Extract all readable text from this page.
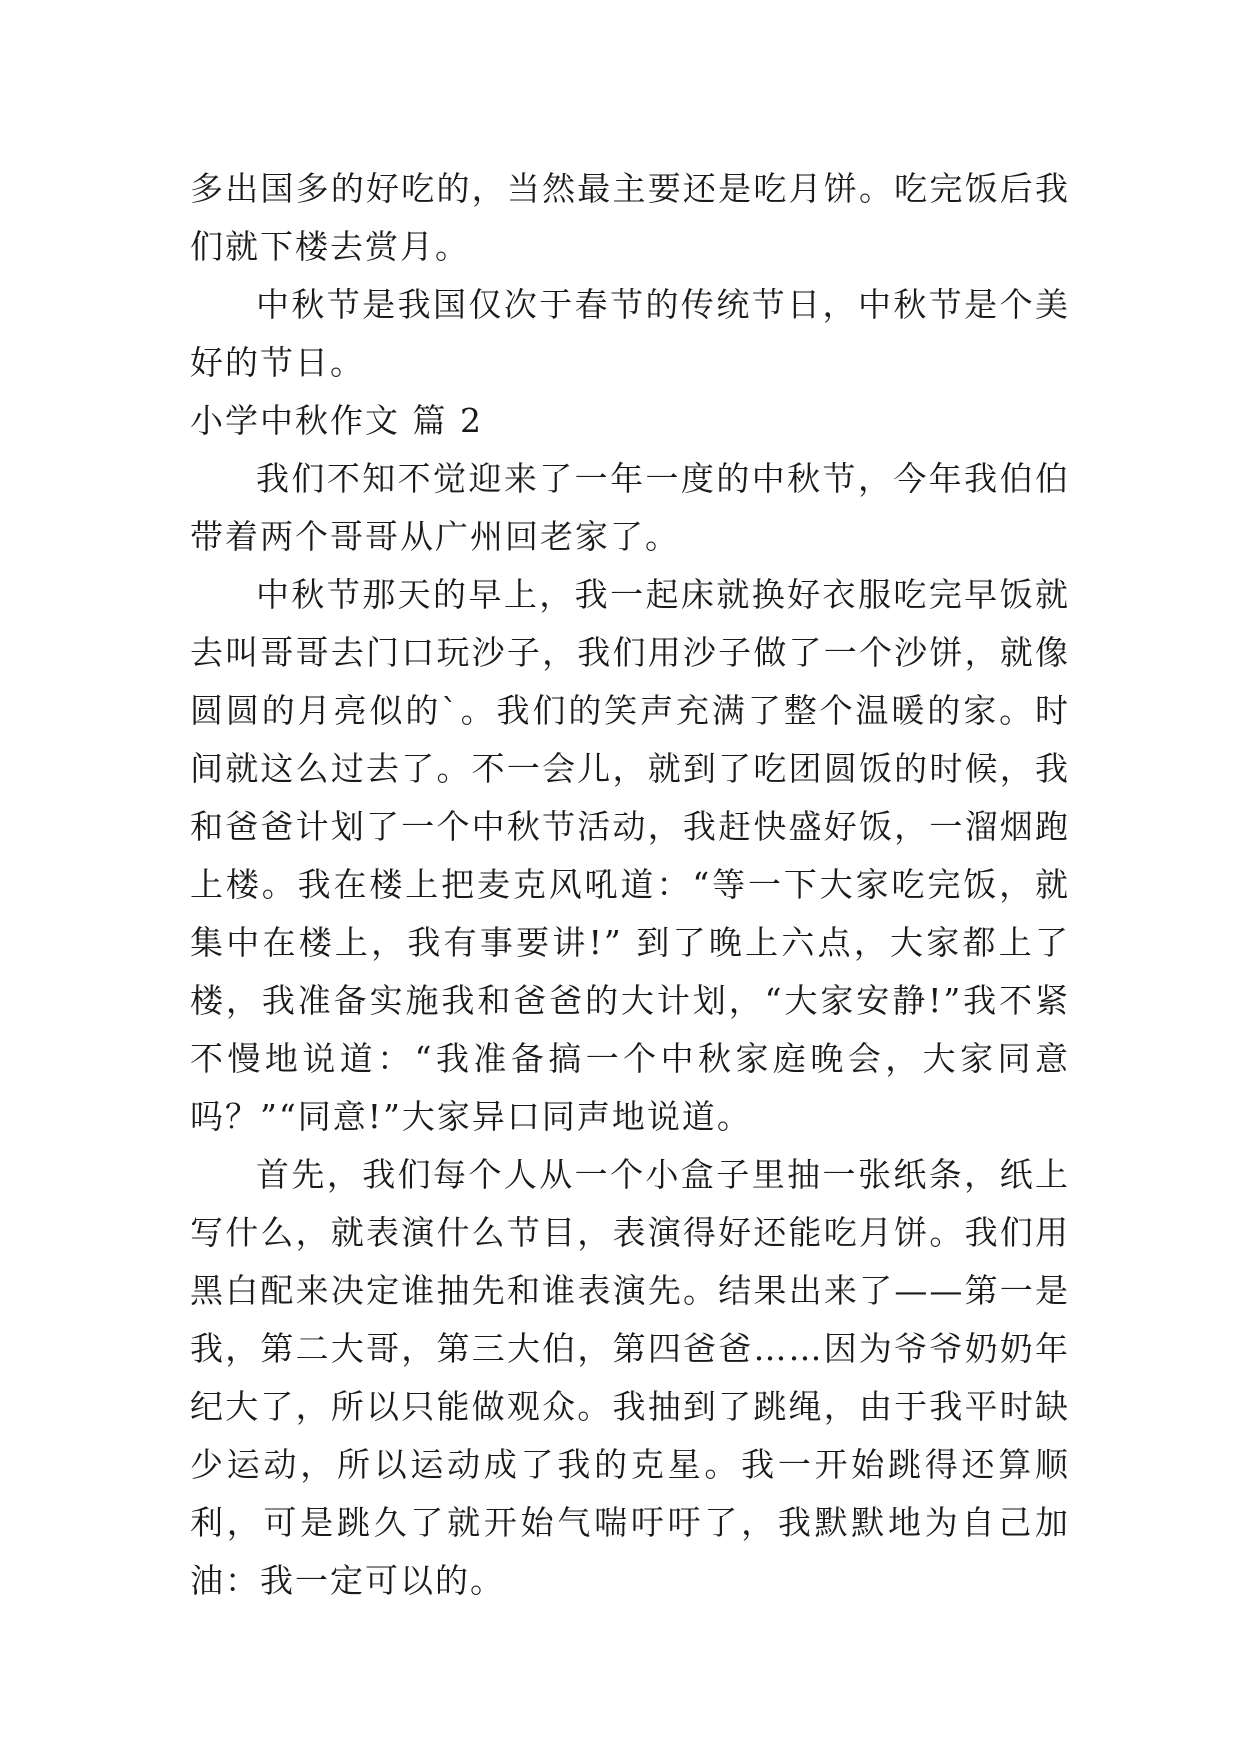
多出国多的好吃的，当然最主要还是吃月饼。吃完饭后我们就下楼去赏月。

中秋节是我国仅次于春节的传统节日，中秋节是个美好的节日。

小学中秋作文 篇 2

我们不知不觉迎来了一年一度的中秋节，今年我伯伯带着两个哥哥从广州回老家了。

中秋节那天的早上，我一起床就换好衣服吃完早饭就去叫哥哥去门口玩沙子，我们用沙子做了一个沙饼，就像圆圆的月亮似的`。我们的笑声充满了整个温暖的家。时间就这么过去了。不一会儿，就到了吃团圆饭的时候，我和爸爸计划了一个中秋节活动，我赶快盛好饭，一溜烟跑上楼。我在楼上把麦克风吼道：“等一下大家吃完饭，就集中在楼上，我有事要讲!” 到了晚上六点，大家都上了楼，我准备实施我和爸爸的大计划，“大家安静!”我不紧不慢地说道：“我准备搞一个中秋家庭晚会，大家同意吗？”“同意!”大家异口同声地说道。

首先，我们每个人从一个小盒子里抽一张纸条，纸上写什么，就表演什么节目，表演得好还能吃月饼。我们用黑白配来决定谁抽先和谁表演先。结果出来了——第一是我，第二大哥，第三大伯，第四爸爸……因为爷爷奶奶年纪大了，所以只能做观众。我抽到了跳绳，由于我平时缺少运动，所以运动成了我的克星。我一开始跳得还算顺利，可是跳久了就开始气喘吁吁了，我默默地为自己加油：我一定可以的。
